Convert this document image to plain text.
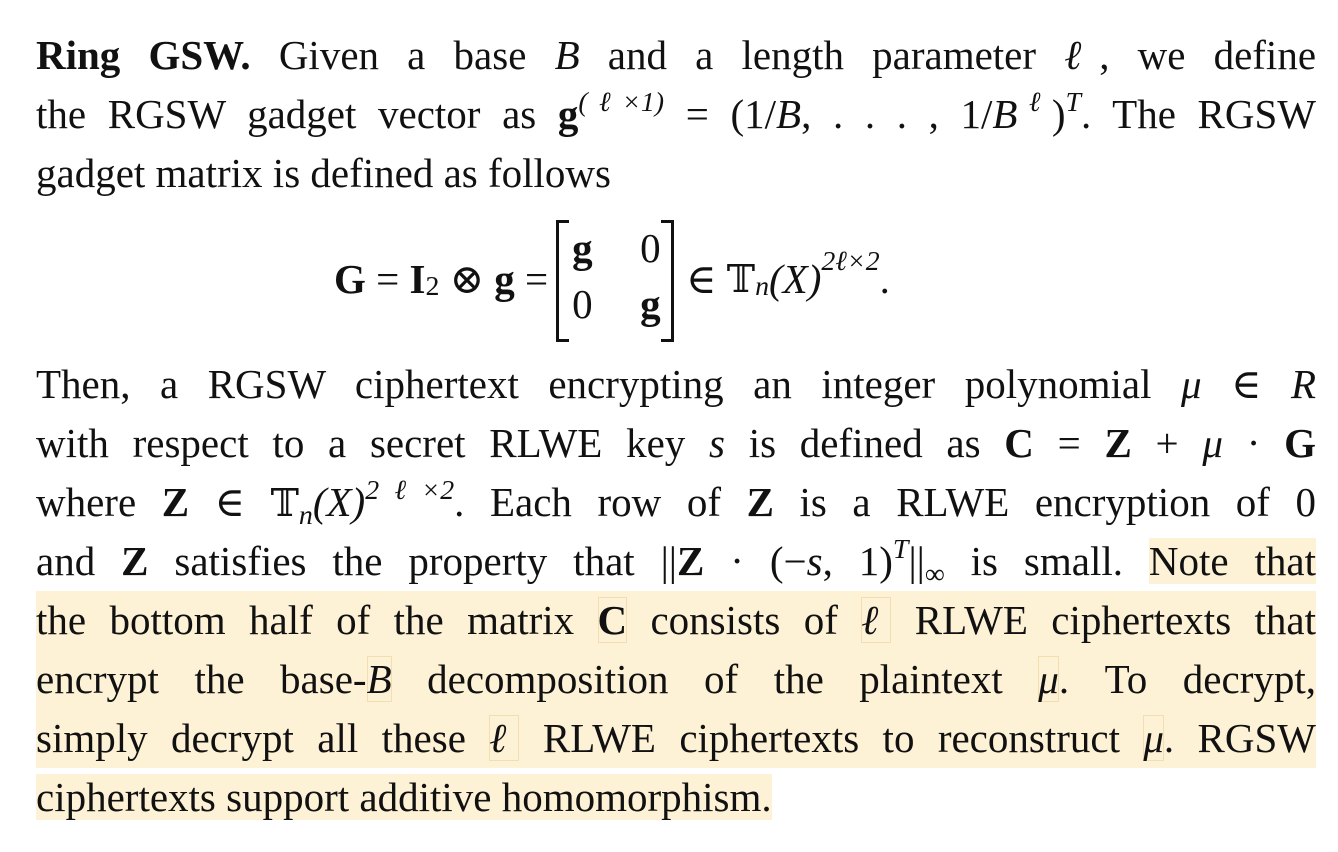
Ring GSW. Given a base B and a length parameter ℓ, we define
the RGSW gadget vector as $g^{(\ell\times 1)} = (1/B$, . . . , $1/B^\ell)^T$. The RGSW
gadget matrix is defined as follows
$G = I_2$ ⊗ g =
g 0
0 g
∈ 𝕋$_n$ $(X)^{2\ell\times 2}$ .
Then, a RGSW ciphertext encrypting an integer polynomial μ ∈ R
with respect to a secret RLWE key s is defined as C = Z + μ · G
where Z ∈ $𝕋_n(X)^{2\ell\times 2}$. Each row of Z is a RLWE encryption of 0
and Z satisfies the property that ||Z · (−s, $1)^T||_\infty$ is small. Note that
the bottom half of the matrix C consists of ℓ RLWE ciphertexts that
encrypt the base-B decomposition of the plaintext μ. To decrypt,
simply decrypt all these ℓ RLWE ciphertexts to reconstruct μ. RGSW
ciphertexts support additive homomorphism.
